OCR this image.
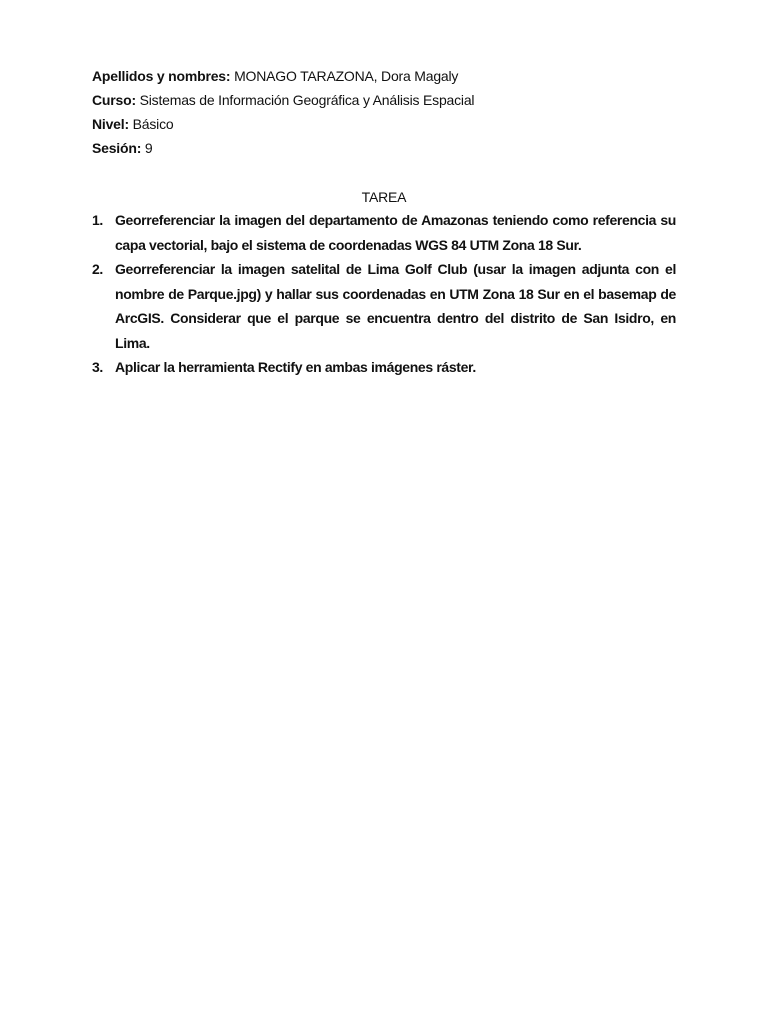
Apellidos y nombres: MONAGO TARAZONA, Dora Magaly
Curso: Sistemas de Información Geográfica y Análisis Espacial
Nivel: Básico
Sesión: 9
TAREA
1. Georreferenciar la imagen del departamento de Amazonas teniendo como referencia su capa vectorial, bajo el sistema de coordenadas WGS 84 UTM Zona 18 Sur.
2. Georreferenciar la imagen satelital de Lima Golf Club (usar la imagen adjunta con el nombre de Parque.jpg) y hallar sus coordenadas en UTM Zona 18 Sur en el basemap de ArcGIS. Considerar que el parque se encuentra dentro del distrito de San Isidro, en Lima.
3. Aplicar la herramienta Rectify en ambas imágenes ráster.
